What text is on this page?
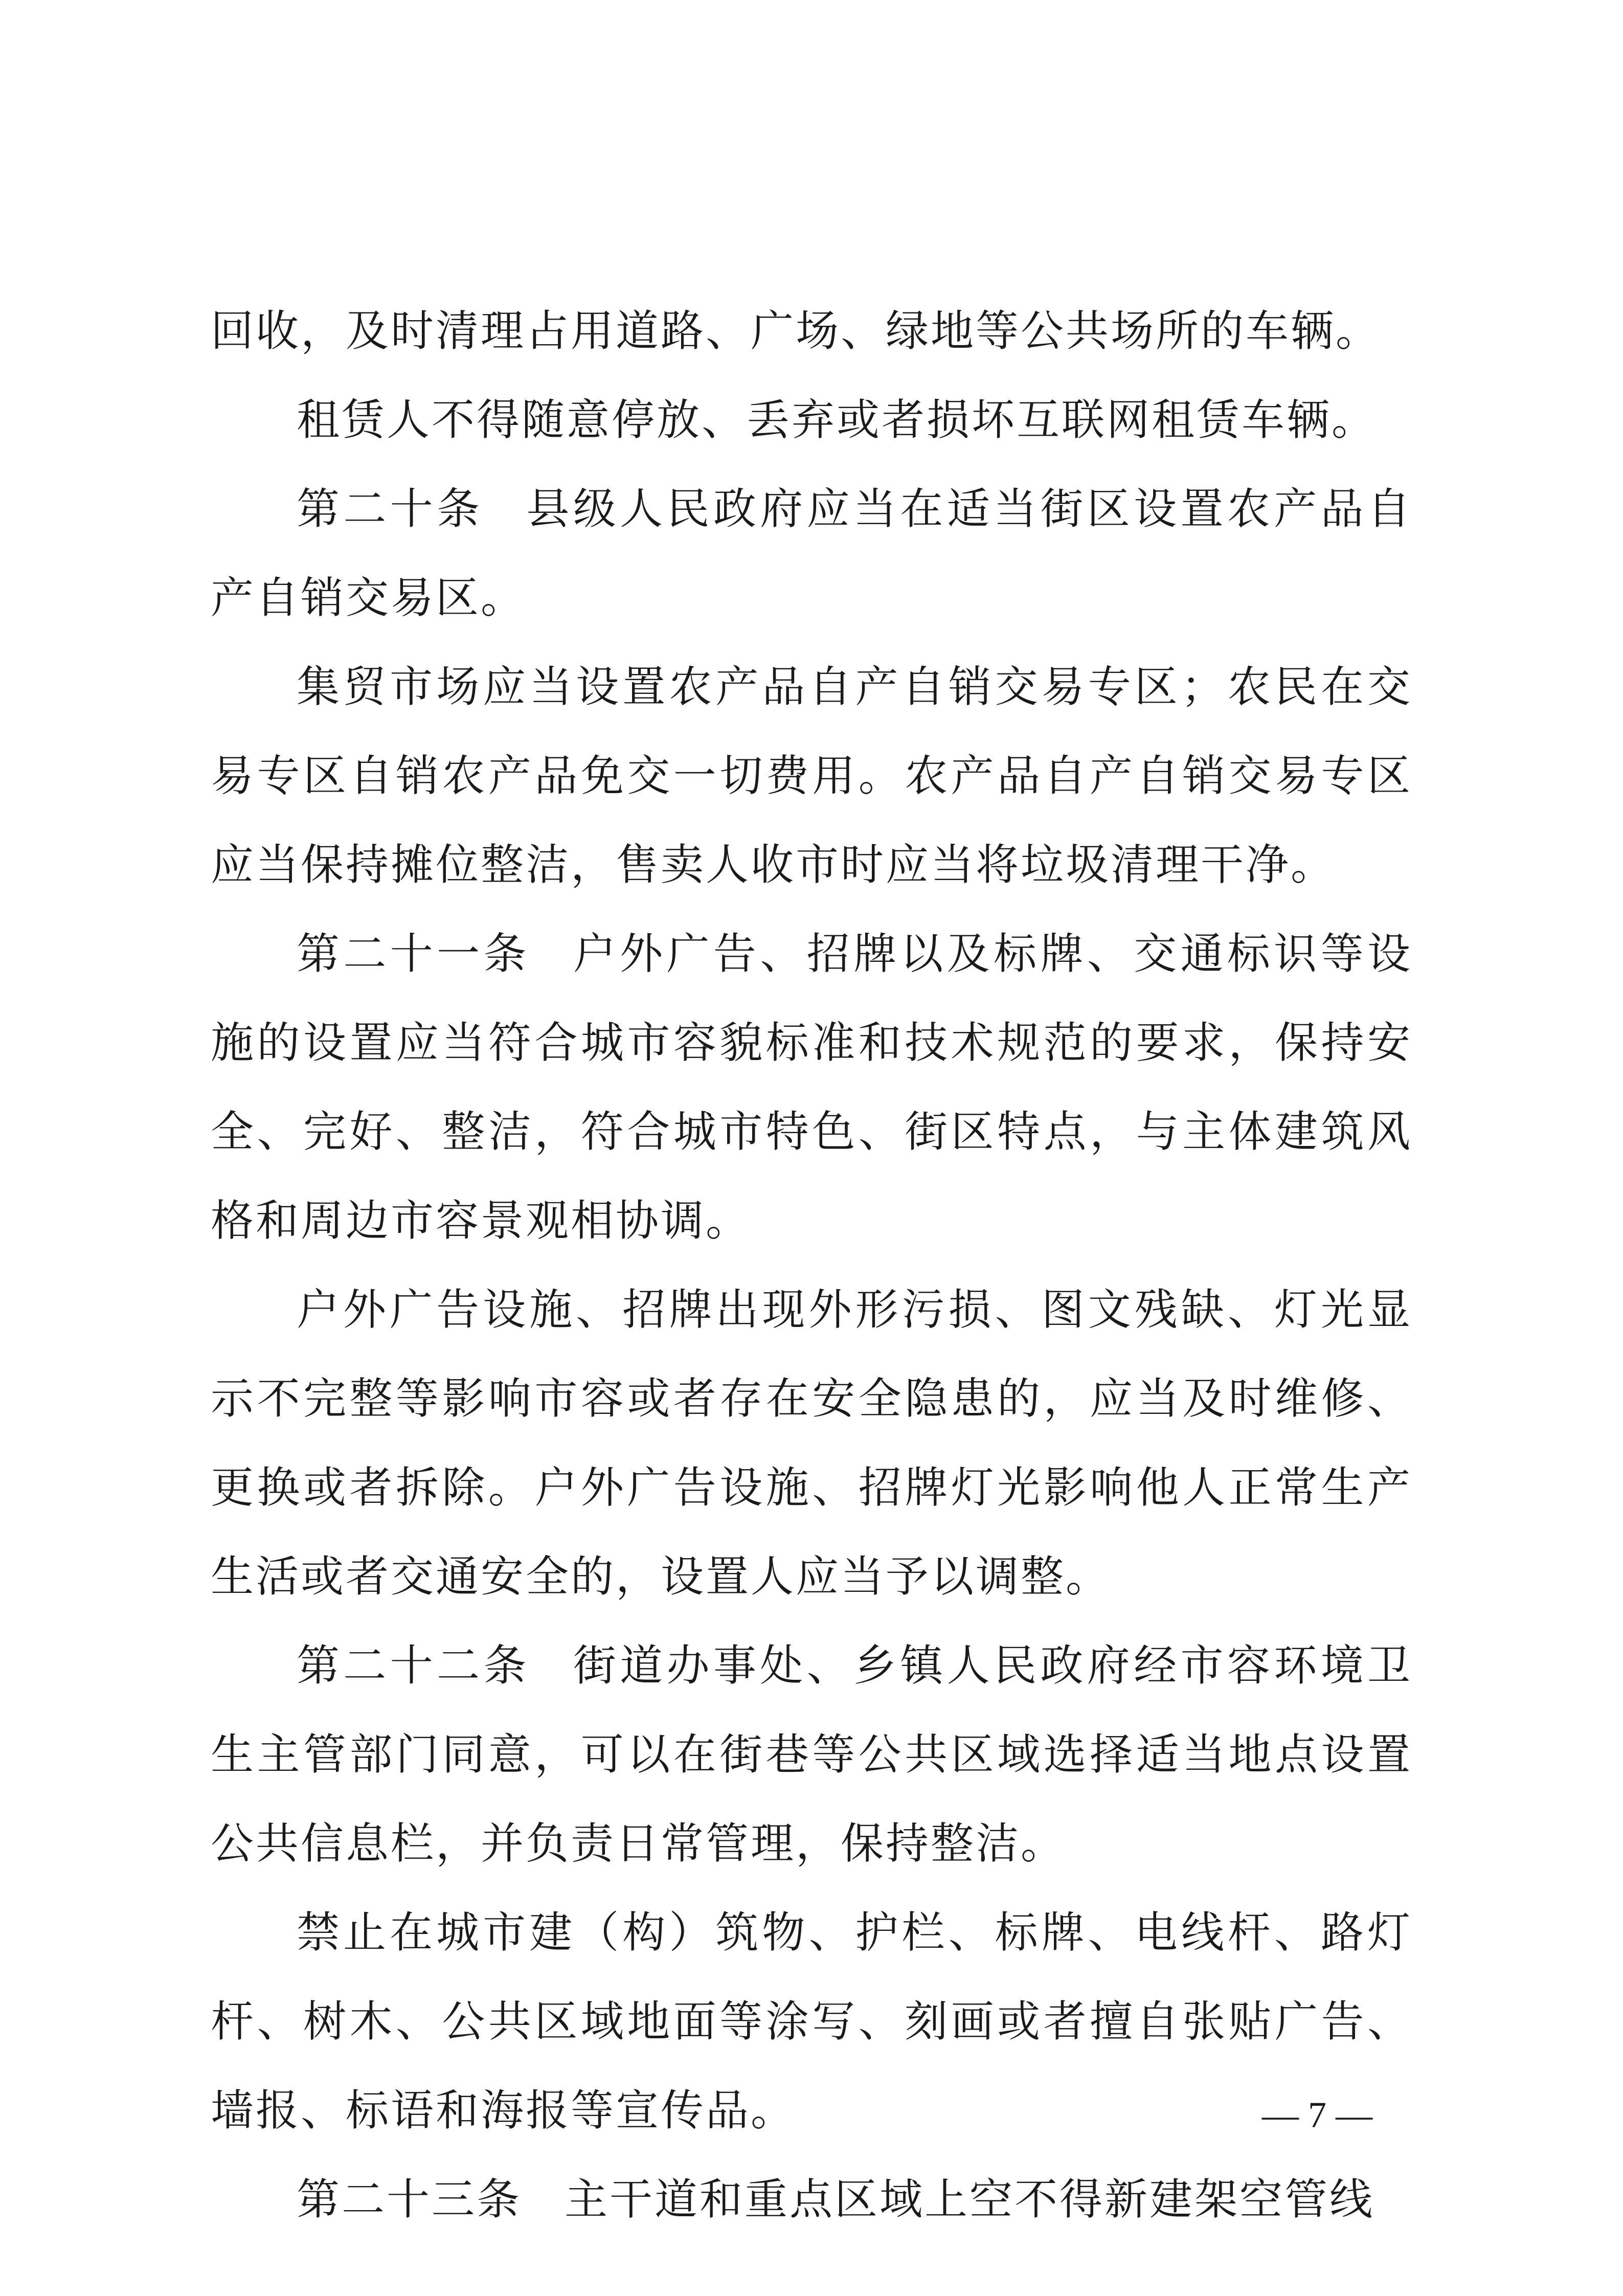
回收，及时清理占用道路、广场、绿地等公共场所的车辆。

租赁人不得随意停放、丢弃或者损坏互联网租赁车辆。

第二十条 县级人民政府应当在适当街区设置农产品自产自销交易区。

集贸市场应当设置农产品自产自销交易专区；农民在交易专区自销农产品免交一切费用。农产品自产自销交易专区应当保持摊位整洁，售卖人收市时应当将垃圾清理干净。

第二十一条 户外广告、招牌以及标牌、交通标识等设施的设置应当符合城市容貌标准和技术规范的要求，保持安全、完好、整洁，符合城市特色、街区特点，与主体建筑风格和周边市容景观相协调。

户外广告设施、招牌出现外形污损、图文残缺、灯光显示不完整等影响市容或者存在安全隐患的，应当及时维修、更换或者拆除。户外广告设施、招牌灯光影响他人正常生产生活或者交通安全的，设置人应当予以调整。

第二十二条 街道办事处、乡镇人民政府经市容环境卫生主管部门同意，可以在街巷等公共区域选择适当地点设置公共信息栏，并负责日常管理，保持整洁。

禁止在城市建（构）筑物、护栏、标牌、电线杆、路灯杆、树木、公共区域地面等涂写、刻画或者擅自张贴广告、墙报、标语和海报等宣传品。

第二十三条 主干道和重点区域上空不得新建架空管线

— 7 —
